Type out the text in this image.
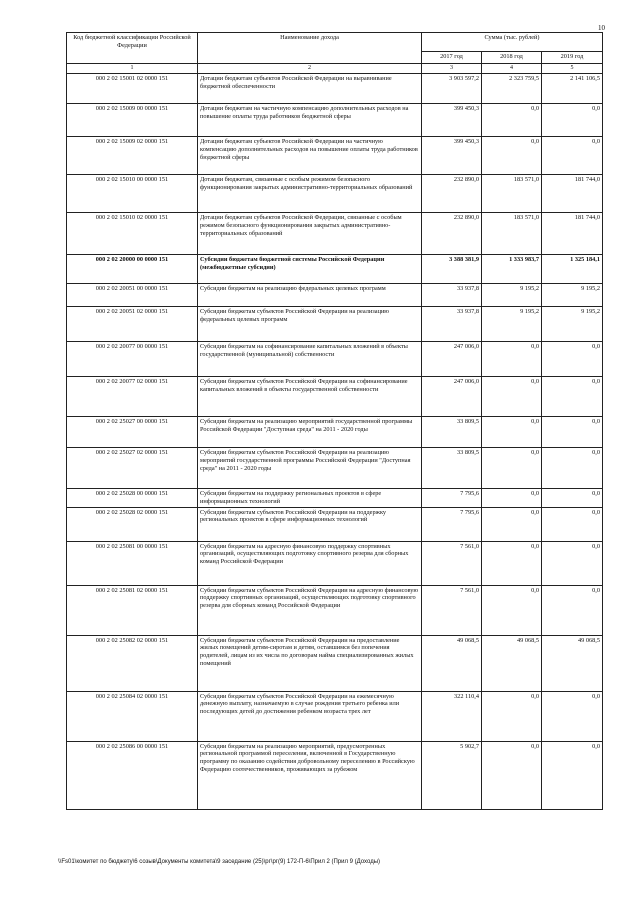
10
Код бюджетной классификации Российской Федерации	Наименование дохода	Сумма (тыс. рублей)		
		2017 год	2018 год	2019 год
1	2	3	4	5
000 2 02 15001 02 0000 151	Дотации бюджетам субъектов Российской Федерации на выравнивание бюджетной обеспеченности	3 903 597,2	2 323 759,5	2 141 106,5
000 2 02 15009 00 0000 151	Дотации бюджетам на частичную компенсацию дополнительных расходов на повышение оплаты труда работников бюджетной сферы	399 450,3	0,0	0,0
000 2 02 15009 02 0000 151	Дотации бюджетам субъектов Российской Федерации на частичную компенсацию дополнительных расходов на повышение оплаты труда работников бюджетной сферы	399 450,3	0,0	0,0
000 2 02 15010 00 0000 151	Дотации бюджетам, связанные с особым режимом безопасного функционирования закрытых административно-территориальных образований	232 890,0	183 571,0	181 744,0
000 2 02 15010 02 0000 151	Дотации бюджетам субъектов Российской Федерации, связанные с особым режимом безопасного функционирования закрытых административно-территориальных образований	232 890,0	183 571,0	181 744,0
000 2 02 20000 00 0000 151	Субсидии бюджетам бюджетной системы Российской Федерации (межбюджетные субсидии)	3 388 381,9	1 333 983,7	1 325 184,1
000 2 02 20051 00 0000 151	Субсидии бюджетам на реализацию федеральных целевых программ	33 937,8	9 195,2	9 195,2
000 2 02 20051 02 0000 151	Субсидии бюджетам субъектов Российской Федерации на реализацию федеральных целевых программ	33 937,8	9 195,2	9 195,2
000 2 02 20077 00 0000 151	Субсидии бюджетам на софинансирование капитальных вложений в объекты государственной (муниципальной) собственности	247 006,0	0,0	0,0
000 2 02 20077 02 0000 151	Субсидии бюджетам субъектов Российской Федерации на софинансирование капитальных вложений в объекты государственной собственности	247 006,0	0,0	0,0
000 2 02 25027 00 0000 151	Субсидии бюджетам на реализацию мероприятий государственной программы Российской Федерации "Доступная среда" на 2011 - 2020 годы	33 809,5	0,0	0,0
000 2 02 25027 02 0000 151	Субсидии бюджетам субъектов Российской Федерации на реализацию мероприятий государственной программы Российской Федерации "Доступная среда" на 2011 - 2020 годы	33 809,5	0,0	0,0
000 2 02 25028 00 0000 151	Субсидии бюджетам на поддержку региональных проектов в сфере информационных технологий	7 795,6	0,0	0,0
000 2 02 25028 02 0000 151	Субсидии бюджетам субъектов Российской Федерации на поддержку региональных проектов в сфере информационных технологий	7 795,6	0,0	0,0
000 2 02 25081 00 0000 151	Субсидии бюджетам на адресную финансовую поддержку спортивных организаций, осуществляющих подготовку спортивного резерва для сборных команд Российской Федерации	7 561,0	0,0	0,0
000 2 02 25081 02 0000 151	Субсидии бюджетам субъектов Российской Федерации на адресную финансовую поддержку спортивных организаций, осуществляющих подготовку спортивного резерва для сборных команд Российской Федерации	7 561,0	0,0	0,0
000 2 02 25082 02 0000 151	Субсидии бюджетам субъектов Российской Федерации на предоставление жилых помещений детям-сиротам и детям, оставшимся без попечения родителей, лицам из их числа по договорам найма специализированных жилых помещений	49 068,5	49 068,5	49 068,5
000 2 02 25084 02 0000 151	Субсидии бюджетам субъектов Российской Федерации на ежемесячную денежную выплату, назначаемую в случае рождения третьего ребенка или последующих детей до достижения ребенком возраста трех лет	322 110,4	0,0	0,0
000 2 02 25086 00 0000 151	Субсидии бюджетам на реализацию мероприятий, предусмотренных региональной программой переселения, включенной в Государственную программу по оказанию содействия добровольному переселению в Российскую Федерацию соотечественников, проживающих за рубежом	5 902,7	0,0	0,0
\\Fs01\комитет по бюджету\6 созыв\Документы комитета\9 заседание (25)\рг\рг(9) 172-П-6\Прил 2 (Прил 9 (Доходы)
